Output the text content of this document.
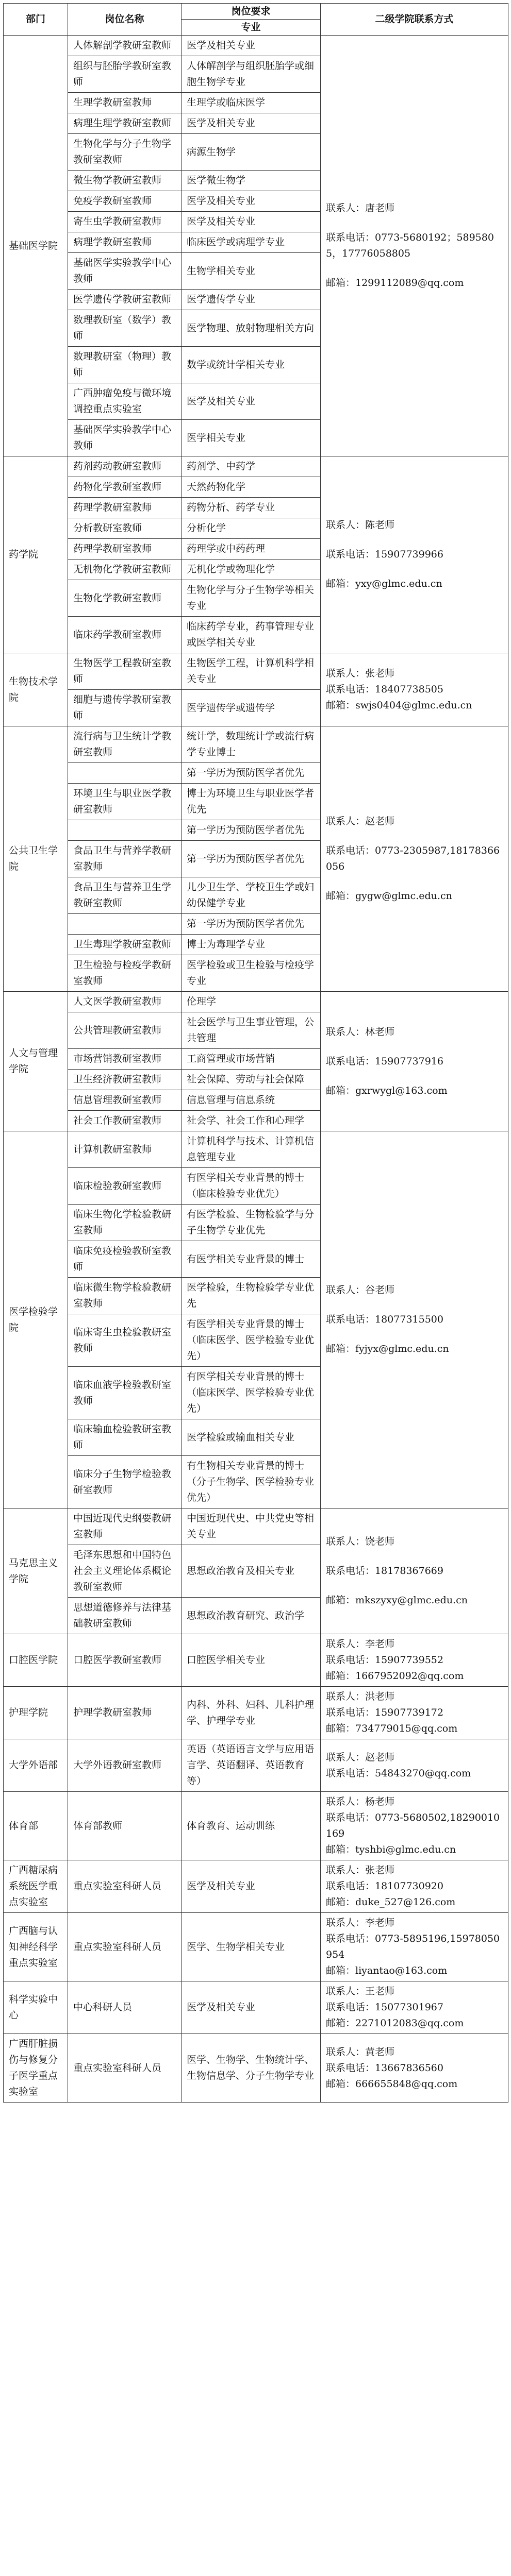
部门	岗位名称	岗位要求	二级学院联系方式
		专业	
基础医学院	人体解剖学教研室教师	医学及相关专业	联系人：唐老师
联系电话：0773-5680192；5895805，17776058805
邮箱：1299112089@qq.com

	组织与胚胎学教研室教师	人体解剖学与组织胚胎学或细胞生物学专业	
	生理学教研室教师	生理学或临床医学	
	病理生理学教研室教师	医学及相关专业	
	生物化学与分子生物学教研室教师	病源生物学	
	微生物学教研室教师	医学微生物学	
	免疫学教研室教师	医学及相关专业	
	寄生虫学教研室教师	医学及相关专业	
	病理学教研室教师	临床医学或病理学专业	
	基础医学实验教学中心教师	生物学相关专业	
	医学遗传学教研室教师	医学遗传学专业	
	数理教研室（数学）教师	医学物理、放射物理相关方向	
	数理教研室（物理）教师	数学或统计学相关专业	
	广西肿瘤免疫与微环境调控重点实验室	医学及相关专业	
	基础医学实验教学中心教师	医学相关专业	
药学院	药剂药动教研室教师	药剂学、中药学	联系人：陈老师
联系电话：15907739966
邮箱：yxy@glmc.edu.cn

	药物化学教研室教师	天然药物化学	
	药理学教研室教师	药物分析、药学专业	
	分析教研室教师	分析化学	
	药理学教研室教师	药理学或中药药理	
	无机物化学教研室教师	无机化学或物理化学	
	生物化学教研室教师	生物化学与分子生物学等相关专业	
	临床药学教研室教师	临床药学专业，药事管理专业或医学相关专业	
生物技术学院	生物医学工程教研室教师	生物医学工程，计算机科学相关专业	联系人：张老师
联系电话：18407738505
邮箱：swjs0404@glmc.edu.cn

	细胞与遗传学教研室教师	医学遗传学或遗传学	
公共卫生学院	流行病与卫生统计学教研室教师	统计学，数理统计学或流行病学专业博士	联系人：赵老师
联系电话：0773-2305987,18178366056
邮箱：gygw@glmc.edu.cn

		第一学历为预防医学者优先	
	环境卫生与职业医学教研室教师	博士为环境卫生与职业医学者优先	
		第一学历为预防医学者优先	
	食品卫生与营养学教研室教师	第一学历为预防医学者优先	
	食品卫生与营养卫生学教研室教师	儿少卫生学、学校卫生学或妇幼保健学专业	
		第一学历为预防医学者优先	
	卫生毒理学教研室教师	博士为毒理学专业	
	卫生检验与检疫学教研室教师	医学检验或卫生检验与检疫学专业	
人文与管理学院	人文医学教研室教师	伦理学	联系人：林老师
联系电话：15907737916
邮箱：gxrwygl@163.com

	公共管理教研室教师	社会医学与卫生事业管理，公共管理	
	市场营销教研室教师	工商管理或市场营销	
	卫生经济教研室教师	社会保障、劳动与社会保障	
	信息管理教研室教师	信息管理与信息系统	
	社会工作教研室教师	社会学、社会工作和心理学	
医学检验学院	计算机教研室教师	计算机科学与技术、计算机信息管理专业	联系人：谷老师
联系电话：18077315500
邮箱：fyjyx@glmc.edu.cn

	临床检验教研室教师	有医学相关专业背景的博士（临床检验专业优先）	
	临床生物化学检验教研室教师	有医学检验、生物检验学与分子生物学专业优先	
	临床免疫检验教研室教师	有医学相关专业背景的博士	
	临床微生物学检验教研室教师	医学检验，生物检验学专业优先	
	临床寄生虫检验教研室教师	有医学相关专业背景的博士（临床医学、医学检验专业优先）	
	临床血液学检验教研室教师	有医学相关专业背景的博士（临床医学、医学检验专业优先）	
	临床输血检验教研室教师	医学检验或输血相关专业	
	临床分子生物学检验教研室教师	有生物相关专业背景的博士（分子生物学、医学检验专业优先）	
马克思主义学院	中国近现代史纲要教研室教师	中国近现代史、中共党史等相关专业	联系人：饶老师
联系电话：18178367669
邮箱：mkszyxy@glmc.edu.cn

	毛泽东思想和中国特色社会主义理论体系概论教研室教师	思想政治教育及相关专业	
	思想道德修养与法律基础教研室教师	思想政治教育研究、政治学	
口腔医学院	口腔医学教研室教师	口腔医学相关专业	联系人：李老师
联系电话：15907739552
邮箱：1667952092@qq.com

护理学院	护理学教研室教师	内科、外科、妇科、儿科护理学、护理学专业	联系人：洪老师
联系电话：15907739172
邮箱：734779015@qq.com

大学外语部	大学外语教研室教师	英语（英语语言文学与应用语言学、英语翻译、英语教育等）	联系人：赵老师
联系电话：54843270@qq.com

体育部	体育部教师	体育教育、运动训练	联系人：杨老师
联系电话：0773-5680502,18290010169
邮箱：tyshbi@glmc.edu.cn

广西糖尿病系统医学重点实验室	重点实验室科研人员	医学及相关专业	联系人：张老师
联系电话：18107730920
邮箱：duke_527@126.com

广西脑与认知神经科学重点实验室	重点实验室科研人员	医学、生物学相关专业	联系人：李老师
联系电话：0773-5895196,15978050954
邮箱：liyantao@163.com

科学实验中心	中心科研人员	医学及相关专业	联系人：王老师
联系电话：15077301967
邮箱：2271012083@qq.com

广西肝脏损伤与修复分子医学重点实验室	重点实验室科研人员	医学、生物学、生物统计学、生物信息学、分子生物学专业	联系人：黄老师
联系电话：13667836560
邮箱：666655848@qq.com
